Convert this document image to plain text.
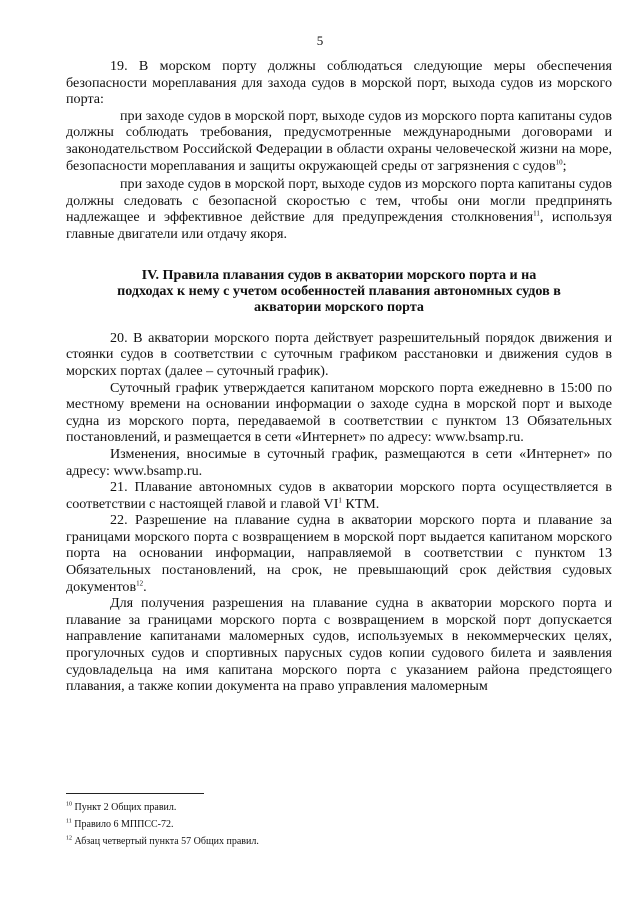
5

19. В морском порту должны соблюдаться следующие меры обеспечения безопасности мореплавания для захода судов в морской порт, выхода судов из морского порта:

при заходе судов в морской порт, выходе судов из морского порта капитаны судов должны соблюдать требования, предусмотренные международными договорами и законодательством Российской Федерации в области охраны человеческой жизни на море, безопасности мореплавания и защиты окружающей среды от загрязнения с судов$^{10}$;

при заходе судов в морской порт, выходе судов из морского порта капитаны судов должны следовать с безопасной скоростью с тем, чтобы они могли предпринять надлежащее и эффективное действие для предупреждения столкновения$^{11}$, используя главные двигатели или отдачу якоря.

IV. Правила плавания судов в акватории морского порта и на
подходах к нему с учетом особенностей плавания автономных судов в
акватории морского порта

20. В акватории морского порта действует разрешительный порядок движения и стоянки судов в соответствии с суточным графиком расстановки и движения судов в морских портах (далее – суточный график).

Суточный график утверждается капитаном морского порта ежедневно в 15:00 по местному времени на основании информации о заходе судна в морской порт и выходе судна из морского порта, передаваемой в соответствии с пунктом 13 Обязательных постановлений, и размещается в сети «Интернет» по адресу: www.bsamp.ru.

Изменения, вносимые в суточный график, размещаются в сети «Интернет» по адресу: www.bsamp.ru.

21. Плавание автономных судов в акватории морского порта осуществляется в соответствии с настоящей главой и главой $VI^1$ КТМ.

22. Разрешение на плавание судна в акватории морского порта и плавание за границами морского порта с возвращением в морской порт выдается капитаном морского порта на основании информации, направляемой в соответствии с пунктом 13 Обязательных постановлений, на срок, не превышающий срок действия судовых документов$^{12}$.

Для получения разрешения на плавание судна в акватории морского порта и плавание за границами морского порта с возвращением в морской порт допускается направление капитанами маломерных судов, используемых в некоммерческих целях, прогулочных судов и спортивных парусных судов копии судового билета и заявления судовладельца на имя капитана морского порта с указанием района предстоящего плавания, а также копии документа на право управления маломерным

$^{10}$ Пункт 2 Общих правил.
$^{11}$ Правило 6 МППСС-72.
$^{12}$ Абзац четвертый пункта 57 Общих правил.
